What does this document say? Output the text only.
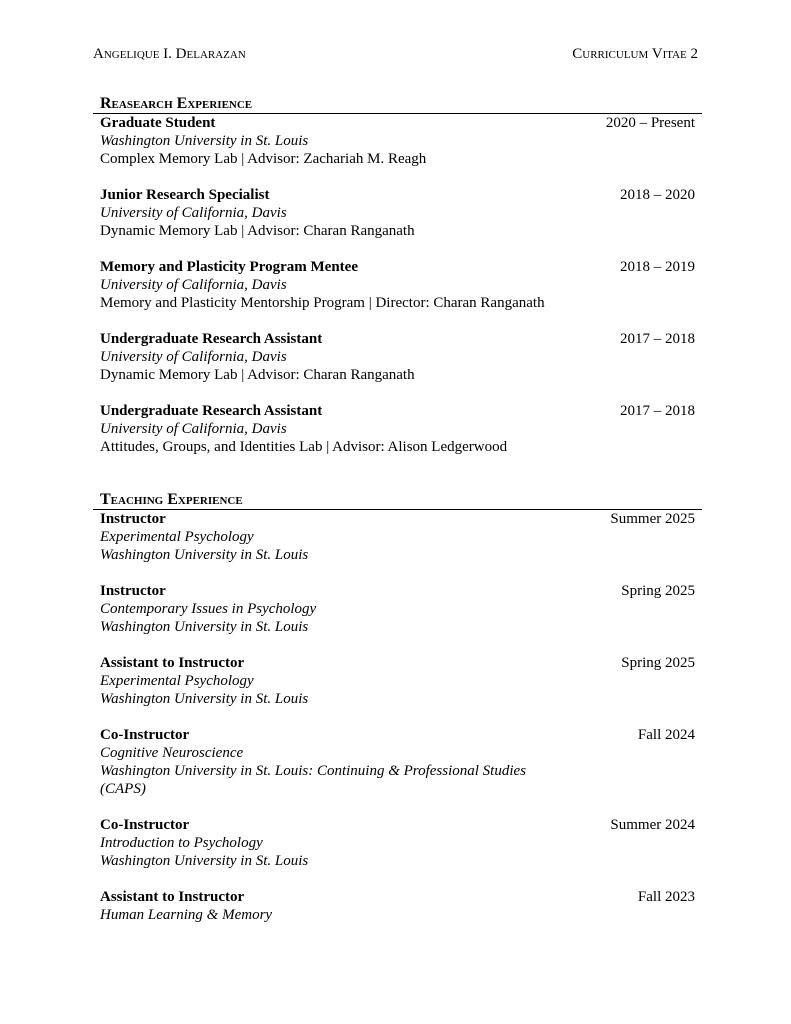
Angelique I. Delarazan	Curriculum Vitae 2
Reasearch Experience
Graduate Student	2020 – Present
Washington University in St. Louis
Complex Memory Lab | Advisor: Zachariah M. Reagh
Junior Research Specialist	2018 – 2020
University of California, Davis
Dynamic Memory Lab | Advisor: Charan Ranganath
Memory and Plasticity Program Mentee	2018 – 2019
University of California, Davis
Memory and Plasticity Mentorship Program | Director: Charan Ranganath
Undergraduate Research Assistant	2017 – 2018
University of California, Davis
Dynamic Memory Lab | Advisor: Charan Ranganath
Undergraduate Research Assistant	2017 – 2018
University of California, Davis
Attitudes, Groups, and Identities Lab | Advisor: Alison Ledgerwood
Teaching Experience
Instructor	Summer 2025
Experimental Psychology
Washington University in St. Louis
Instructor	Spring 2025
Contemporary Issues in Psychology
Washington University in St. Louis
Assistant to Instructor	Spring 2025
Experimental Psychology
Washington University in St. Louis
Co-Instructor	Fall 2024
Cognitive Neuroscience
Washington University in St. Louis: Continuing & Professional Studies (CAPS)
Co-Instructor	Summer 2024
Introduction to Psychology
Washington University in St. Louis
Assistant to Instructor	Fall 2023
Human Learning & Memory
